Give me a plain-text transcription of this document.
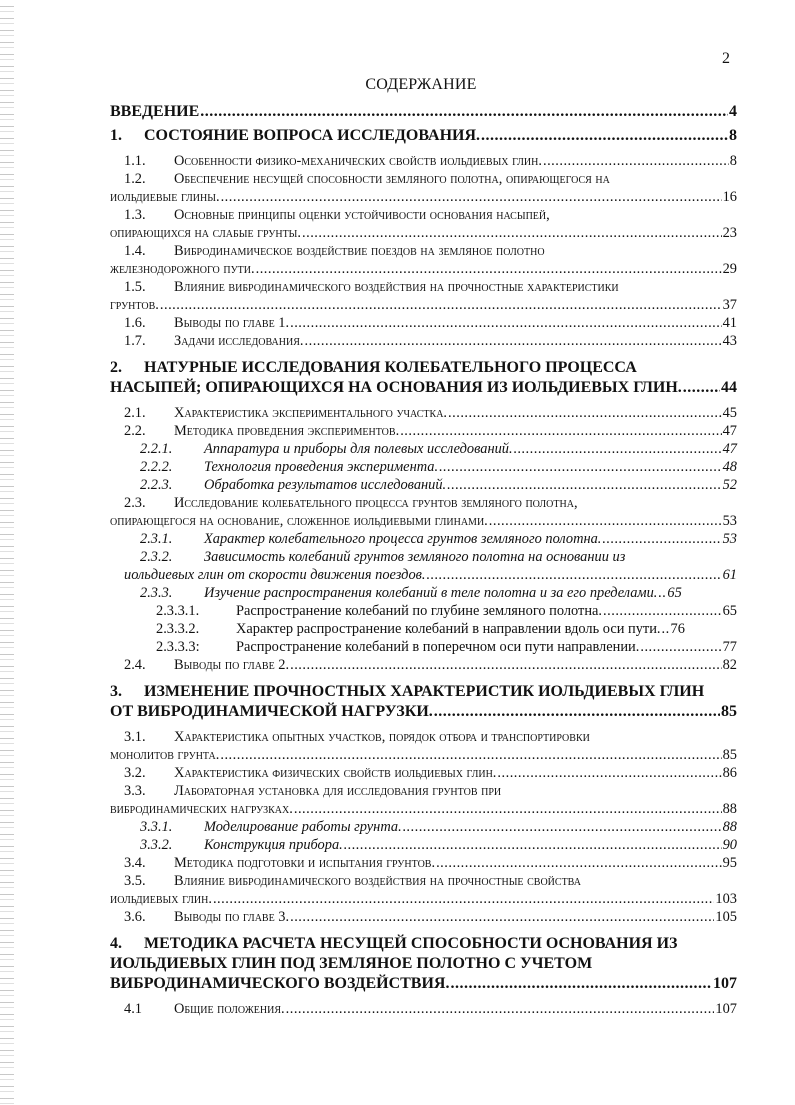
2
СОДЕРЖАНИЕ
ВВЕДЕНИЕ .....	4
1. СОСТОЯНИЕ ВОПРОСА ИССЛЕДОВАНИЯ. .....	8
1.1. Особенности физико-механических свойств иольдиевых глин. .....	8
1.2. Обеспечение несущей способности земляного полотна, опирающегося на
иольдиевые глины. .....	16
1.3. Основные принципы оценки устойчивости основания насыпей,
опирающихся на слабые грунты. .....	23
1.4. Вибродинамическое воздействие поездов на земляное полотно
железнодорожного пути. .....	29
1.5. Влияние вибродинамического воздействия на прочностные характеристики
грунтов. .....	37
1.6. Выводы по главе 1. .....	41
1.7. Задачи исследования. .....	43
2. НАТУРНЫЕ ИССЛЕДОВАНИЯ КОЛЕБАТЕЛЬНОГО ПРОЦЕССА
НАСЫПЕЙ; ОПИРАЮЩИХСЯ НА ОСНОВАНИЯ ИЗ ИОЛЬДИЕВЫХ ГЛИН. ..... 44
2.1. Характеристика экспериментального участка. .....	45
2.2. Методика проведения экспериментов. .....	47
2.2.1. Аппаратура и приборы для полевых исследований. .....	47
2.2.2. Технология проведения эксперимента. .....	48
2.2.3. Обработка результатов исследований. .....	52
2.3. Исследование колебательного процесса грунтов земляного полотна,
опирающегося на основание, сложенное иольдиевыми глинами. .....	53
2.3.1. Характер колебательного процесса грунтов земляного полотна. .....	53
2.3.2. Зависимость колебаний грунтов земляного полотна на основании из
иольдиевых глин от скорости движения поездов. .....	61
2.3.3. Изучение распространения колебаний в теле полотна и за его пределами. ..... 65
2.3.3.1.	Распространение колебаний по глубине земляного полотна. .....	65
2.3.3.2.	Характер распространение колебаний в направлении вдоль оси пути. ..... 76
2.3.3.3:	Распространение колебаний в поперечном оси пути направлении. .....	77
2.4. Выводы по главе 2. .....	82
3. ИЗМЕНЕНИЕ ПРОЧНОСТНЫХ ХАРАКТЕРИСТИК ИОЛЬДИЕВЫХ ГЛИН
ОТ ВИБРОДИНАМИЧЕСКОЙ НАГРУЗКИ. .....	85
3.1. Характеристика опытных участков, порядок отбора и транспортировки
монолитов грунта. .....	85
3.2. Характеристика физических свойств иольдиевых глин. .....	86
3.3. Лабораторная установка для исследования грунтов при
вибродинамических нагрузках. .....	88
3.3.1. Моделирование работы грунта. .....	88
3.3.2. Конструкция прибора. .....	90
3.4. Методика подготовки и испытания грунтов. .....	95
3.5. Влияние вибродинамического воздействия на прочностные свойства
иольдиевых глин. .....	103
3.6. Выводы по главе 3. .....	105
4. МЕТОДИКА РАСЧЕТА НЕСУЩЕЙ СПОСОБНОСТИ ОСНОВАНИЯ ИЗ
ИОЛЬДИЕВЫХ ГЛИН ПОД ЗЕМЛЯНОЕ ПОЛОТНО С УЧЕТОМ
ВИБРОДИНАМИЧЕСКОГО ВОЗДЕЙСТВИЯ. .....	107
4.1 Общие положения. .....	107
